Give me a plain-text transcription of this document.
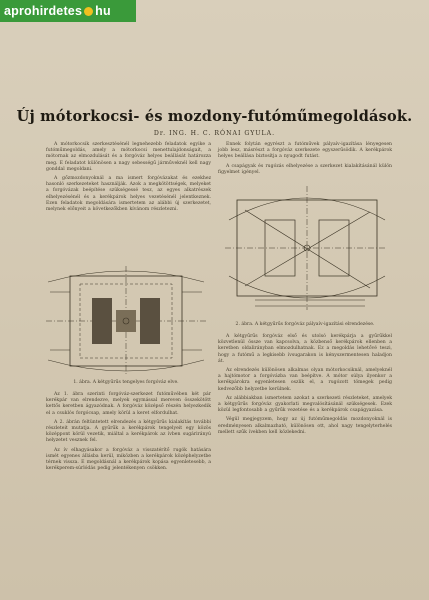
aprohirdetes hu
Új mótorkocsi- és mozdony-futóműmegoldások.
Dr. ING. H. C. RÓNAI GYULA.

A mótorkocsik szerkesztésénél legnehezebb feladatok egyike a futóműmegoldás, amely a mótorkocsi menettulajdonságait, a mótornak az elmozdulását és a forgóváz helyes beállását határozza meg. E feladatot különösen a nagy sebességű járműveknél kell nagy gonddal megoldani.

A gőzmozdonyoknál a ma ismert forgóvázakat és ezekhez hasonló szerkezeteket használják. Azok a megkötöttségek, melyeket a forgóvázak beépítése szükségessé tesz, az egyes alkatrészek elhelyezésénél és a kerékpárok helyes vezetésénél jelentkeznek. Ezen feladatok megoldására ismertetem az alábbi új szerkezetet, melynek előnyeit a következőkben kívánom részletezni.

Ennek folytán egyrészt a futóművek pályaív-igazítása lényegesen jobb lesz, másrészt a forgóváz szerkezete egyszerűsödik. A kerékpárok helyes beállása biztosítja a nyugodt futást.

A csapágyak és rugózás elhelyezése a szerkezet kialakításánál külön figyelmet igényel.

1. ábra. A kétgyűrűs tengelyes forgóváz elve.
2. ábra. A kétgyűrűs forgóváz pályaív-igazítási elrendezése.

Az 1. ábra szerinti forgóváz-szerkezet futóművében két pár kerékpár van elrendezve, melyek egymással mereven összekötött kettős keretben ágyazódnak. A forgóváz középső részén helyezkedik el a csuklós forgócsap, amely körül a keret elfordulhat.

A 2. ábrán feltüntetett elrendezés a kétgyűrűs kialakítás további részleteit mutatja. A gyűrűk a kerékpárok tengelyeit egy közös középpont körül vezetik, miáltal a kerékpárok az ívben sugárirányú helyzetet vesznek fel.

Az ív elhagyásakor a forgóváz a visszatérítő rugók hatására ismét egyenes állásba kerül, miközben a kerékpárok középhelyzetbe térnek vissza. E megoldásnál a kerékpárok kopása egyenletesebb, a kerékperem-súrlódás pedig jelentékenyen csökken.

A kétgyűrűs forgóváz első és utolsó kerékpárja a gyűrűkkel közvetlenül össze van kapcsolva, a közbenső kerékpárok ellenben a keretben oldalirányban elmozdulhatnak. Ez a megoldás lehetővé teszi, hogy a futómű a legkisebb ívsugarakon is kényszermentesen haladjon át.

Az elrendezés különösen alkalmas olyan mótorkocsiknál, amelyeknél a hajtómotor a forgóvázba van beépítve. A mótor súlya ilyenkor a kerékpárokra egyenletesen oszlik el, a rugózott tömegek pedig kedvezőbb helyzetbe kerülnek.

Az alábbiakban ismertetem azokat a szerkezeti részleteket, amelyek a kétgyűrűs forgóváz gyakorlati megvalósításánál szükségesek. Ezek közül legfontosabb a gyűrűk vezetése és a kerékpárok csapágyazása.

Végül megjegyzem, hogy az új futóműmegoldás mozdonyoknál is eredményesen alkalmazható, különösen ott, ahol nagy tengelyterhelés mellett szűk ívekben kell közlekedni.
